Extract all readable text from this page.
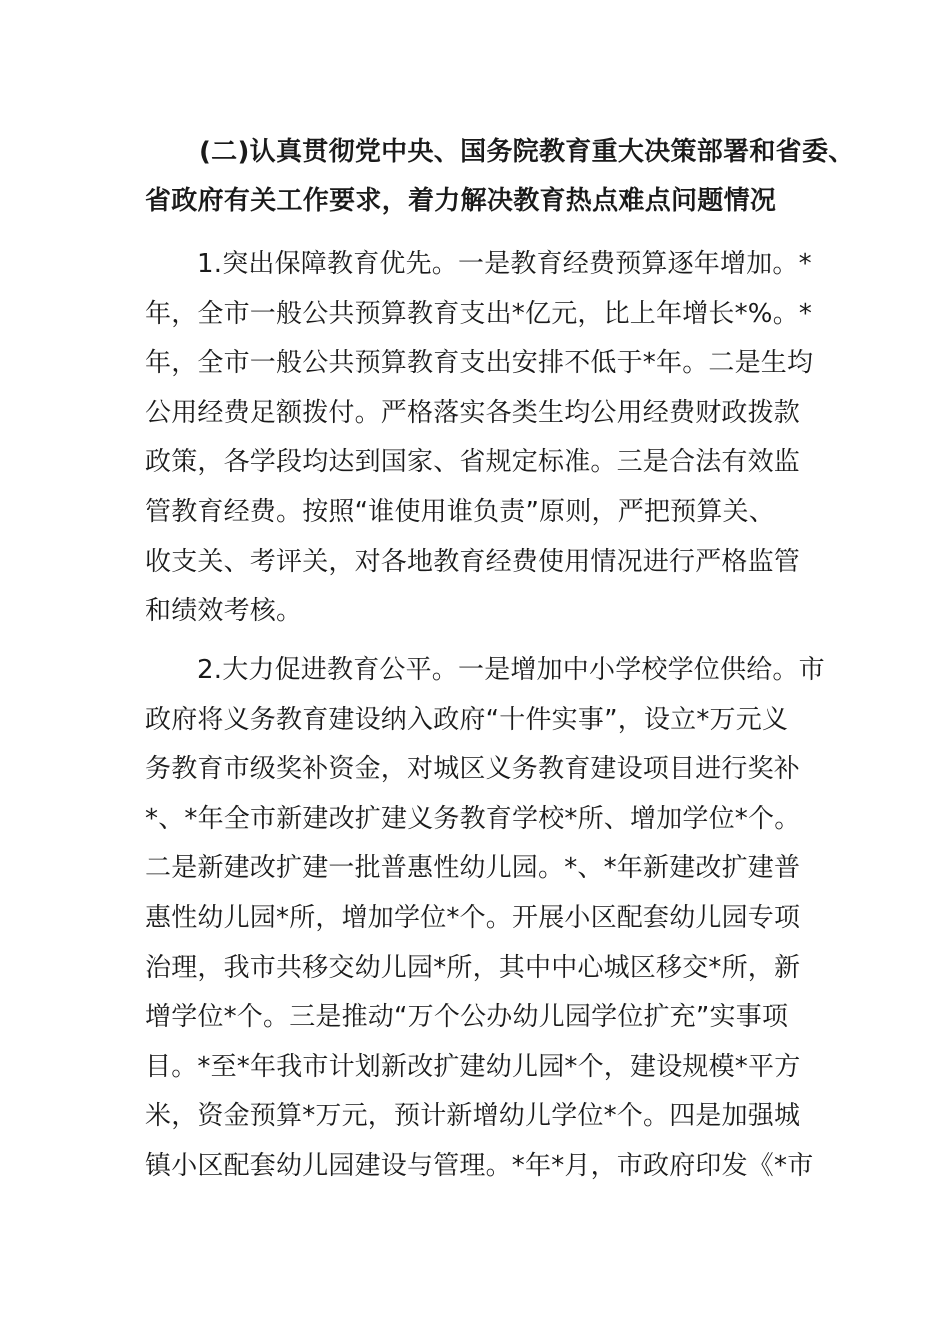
(二)认真贯彻党中央、国务院教育重大决策部署和省委、
省政府有关工作要求，着力解决教育热点难点问题情况
1.突出保障教育优先。一是教育经费预算逐年增加。*
年，全市一般公共预算教育支出*亿元，比上年增长*%。*
年，全市一般公共预算教育支出安排不低于*年。二是生均
公用经费足额拨付。严格落实各类生均公用经费财政拨款
政策，各学段均达到国家、省规定标准。三是合法有效监
管教育经费。按照“谁使用谁负责”原则，严把预算关、
收支关、考评关，对各地教育经费使用情况进行严格监管
和绩效考核。
2.大力促进教育公平。一是增加中小学校学位供给。市
政府将义务教育建设纳入政府“十件实事”，设立*万元义
务教育市级奖补资金，对城区义务教育建设项目进行奖补
*、*年全市新建改扩建义务教育学校*所、增加学位*个。
二是新建改扩建一批普惠性幼儿园。*、*年新建改扩建普
惠性幼儿园*所，增加学位*个。开展小区配套幼儿园专项
治理，我市共移交幼儿园*所，其中中心城区移交*所，新
增学位*个。三是推动“万个公办幼儿园学位扩充”实事项
目。*至*年我市计划新改扩建幼儿园*个，建设规模*平方
米，资金预算*万元，预计新增幼儿学位*个。四是加强城
镇小区配套幼儿园建设与管理。*年*月，市政府印发《*市
